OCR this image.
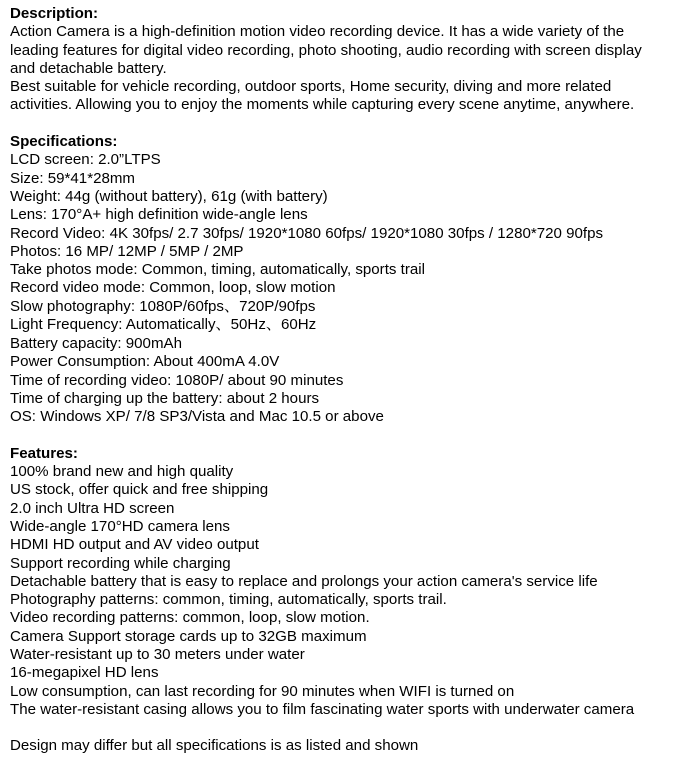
Description:
Action Camera is a high-definition motion video recording device. It has a wide variety of the
leading features for digital video recording, photo shooting, audio recording with screen display
and detachable battery.
Best suitable for vehicle recording, outdoor sports, Home security, diving and more related
activities. Allowing you to enjoy the moments while capturing every scene anytime, anywhere.
Specifications:
LCD screen: 2.0”LTPS
Size: 59*41*28mm
Weight: 44g (without battery), 61g (with battery)
Lens: 170°A+ high definition wide-angle lens
Record Video: 4K 30fps/ 2.7 30fps/ 1920*1080 60fps/ 1920*1080 30fps / 1280*720 90fps
Photos: 16 MP/ 12MP / 5MP / 2MP
Take photos mode: Common, timing, automatically, sports trail
Record video mode: Common, loop, slow motion
Slow photography: 1080P/60fps、720P/90fps
Light Frequency: Automatically、50Hz、60Hz
Battery capacity: 900mAh
Power Consumption: About 400mA 4.0V
Time of recording video: 1080P/ about 90 minutes
Time of charging up the battery: about 2 hours
OS: Windows XP/ 7/8 SP3/Vista and Mac 10.5 or above
Features:
100% brand new and high quality
US stock, offer quick and free shipping
2.0 inch Ultra HD screen
Wide-angle 170°HD camera lens
HDMI HD output and AV video output
Support recording while charging
Detachable battery that is easy to replace and prolongs your action camera's service life
Photography patterns: common, timing, automatically, sports trail.
Video recording patterns: common, loop, slow motion.
Camera Support storage cards up to 32GB maximum
Water-resistant up to 30 meters under water
16-megapixel HD lens
Low consumption, can last recording for 90 minutes when WIFI is turned on
The water-resistant casing allows you to film fascinating water sports with underwater camera
Design may differ but all specifications is as listed and shown
